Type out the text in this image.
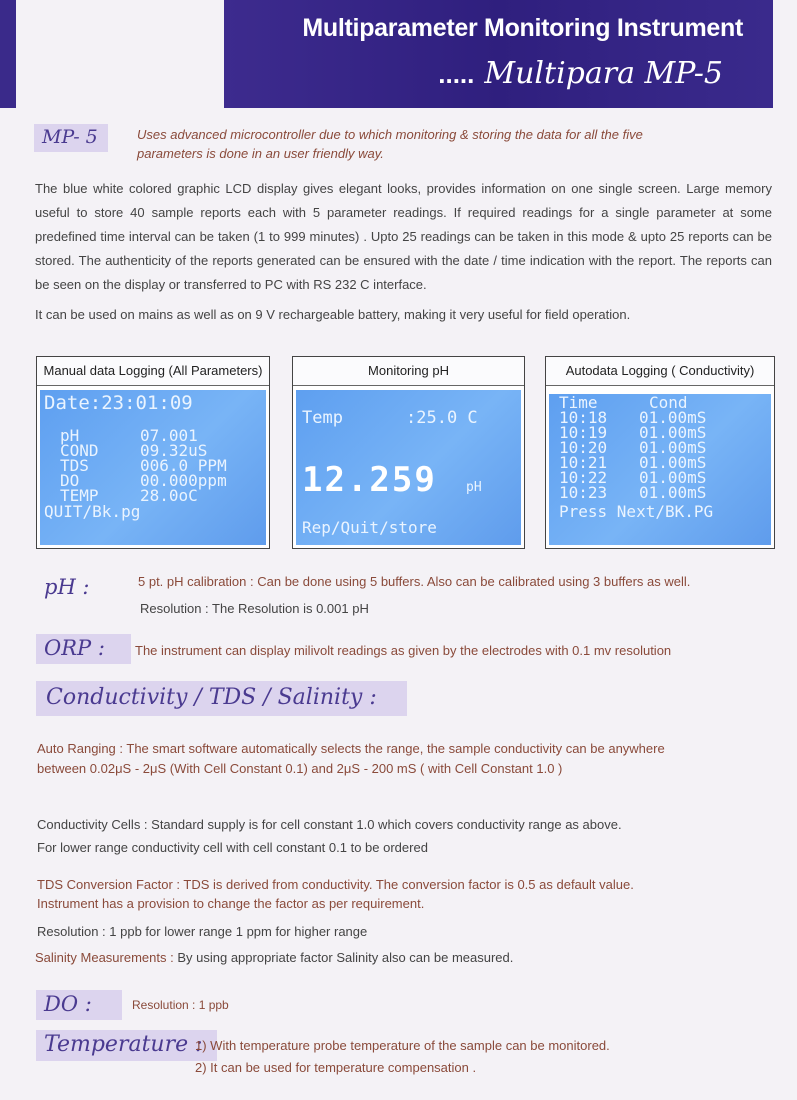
Multiparameter Monitoring Instrument
..... Multipara MP-5
MP- 5	Uses advanced microcontroller due to which monitoring & storing the data for all the five
parameters is done in an user friendly way.
The blue white colored graphic LCD display gives elegant looks, provides information on one single screen. Large memory useful to store 40 sample reports each with 5 parameter readings. If required readings for a single parameter at some predefined time interval can be taken (1 to 999 minutes) . Upto 25 readings can be taken in this mode & upto 25 reports can be stored. The authenticity of the reports generated can be ensured with the date / time indication with the report. The reports can be seen on the display or transferred to PC with RS 232 C interface.
It can be used on mains as well as on 9 V rechargeable battery, making it very useful for field operation.
Manual data Logging (All Parameters)
Date:23:01:09
pH	07.001
COND	09.32uS
TDS	006.0 PPM
DO	00.000ppm
TEMP	28.0oC
QUIT/Bk.pg
Monitoring pH
Temp	:25.0 C
12.259 pH
Rep/Quit/store
Autodata Logging ( Conductivity)
Time	Cond
10:18 01.00mS
10:19 01.00mS
10:20 01.00mS
10:21 01.00mS
10:22 01.00mS
10:23 01.00mS
Press Next/BK.PG
pH :	5 pt. pH calibration : Can be done using 5 buffers. Also can be calibrated using 3 buffers as well.
Resolution : The Resolution is 0.001 pH
ORP :	The instrument can display milivolt readings as given by the electrodes with 0.1 mv resolution
Conductivity / TDS / Salinity :
Auto Ranging : The smart software automatically selects the range, the sample conductivity can be anywhere
between 0.02μS - 2μS (With Cell Constant 0.1) and 2μS - 200 mS ( with Cell Constant 1.0 )
Conductivity Cells : Standard supply is for cell constant 1.0 which covers conductivity range as above.
For lower range conductivity cell with cell constant 0.1 to be ordered
TDS Conversion Factor : TDS is derived from conductivity. The conversion factor is 0.5 as default value.
Instrument has a provision to change the factor as per requirement.
Resolution : 1 ppb for lower range 1 ppm for higher range
Salinity Measurements : By using appropriate factor Salinity also can be measured.
DO :	Resolution : 1 ppb
Temperature :
1) With temperature probe temperature of the sample can be monitored.
2) It can be used for temperature compensation .
